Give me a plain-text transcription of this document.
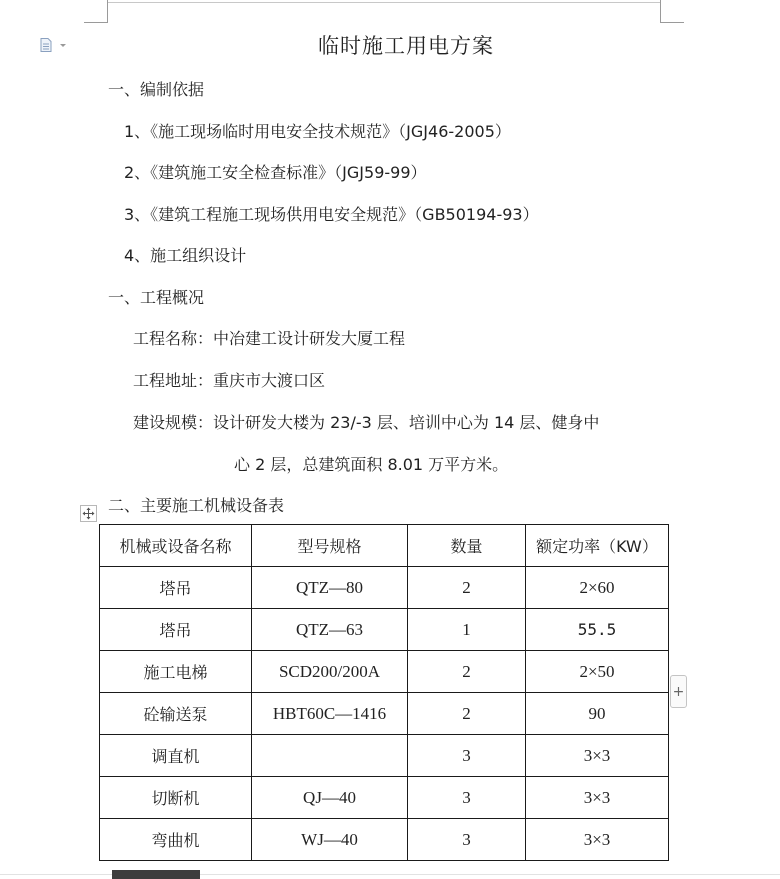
临时施工用电方案
一、编制依据
1、《施工现场临时用电安全技术规范》（JGJ46-2005）
2、《建筑施工安全检查标准》（JGJ59-99）
3、《建筑工程施工现场供用电安全规范》（GB50194-93）
4、施工组织设计
一、工程概况
工程名称：中冶建工设计研发大厦工程
工程地址：重庆市大渡口区
建设规模：设计研发大楼为 23/-3 层、培训中心为 14 层、健身中
心 2 层，总建筑面积 8.01 万平方米。
二、主要施工机械设备表
机械或设备名称	型号规格	数量	额定功率（KW）
塔吊	QTZ—80	2	2×60
塔吊	QTZ—63	1	55.5
施工电梯	SCD200/200A	2	2×50
砼输送泵	HBT60C—1416	2	90
调直机		3	3×3
切断机	QJ—40	3	3×3
弯曲机	WJ—40	3	3×3
+
